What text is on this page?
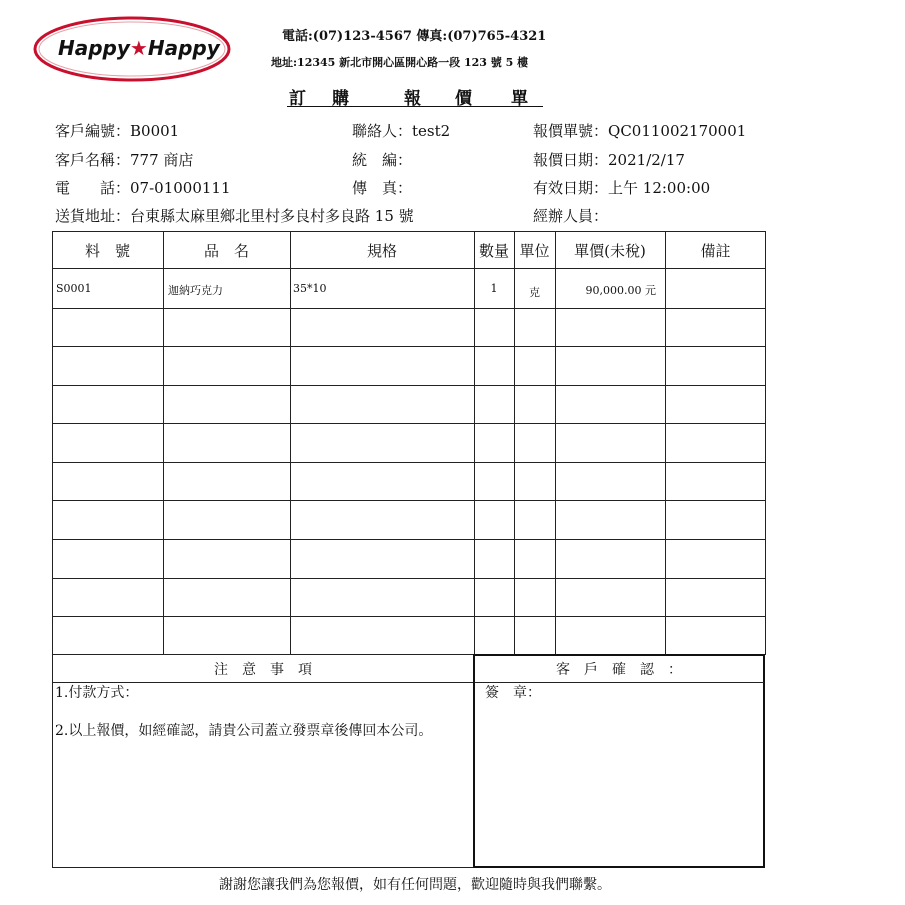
Happy★Happy	電話:(07)123-4567 傳真:(07)765-4321
地址:12345 新北市開心區開心路一段 123 號 5 樓
訂 購	報 價 單
客戶編號：B0001	聯絡人：test2	報價單號：QC011002170001
客戶名稱：777 商店	統　編：	報價日期：2021/2/17
電　　話：07-01000111	傳　真：	有效日期：上午 12:00:00
送貨地址：台東縣太麻里鄉北里村多良村多良路 15 號	經辦人員：
料　號	品　名	規格	數量 單位	單價(未稅)	備註
S0001	迦納巧克力	35*10	1	克	90,000.00 元
注　意　事　項
1.付款方式：
2.以上報價，如經確認，請貴公司蓋立發票章後傳回本公司。
客　戶　確　認　：
簽　章：
謝謝您讓我們為您報價，如有任何問題，歡迎隨時與我們聯繫。
